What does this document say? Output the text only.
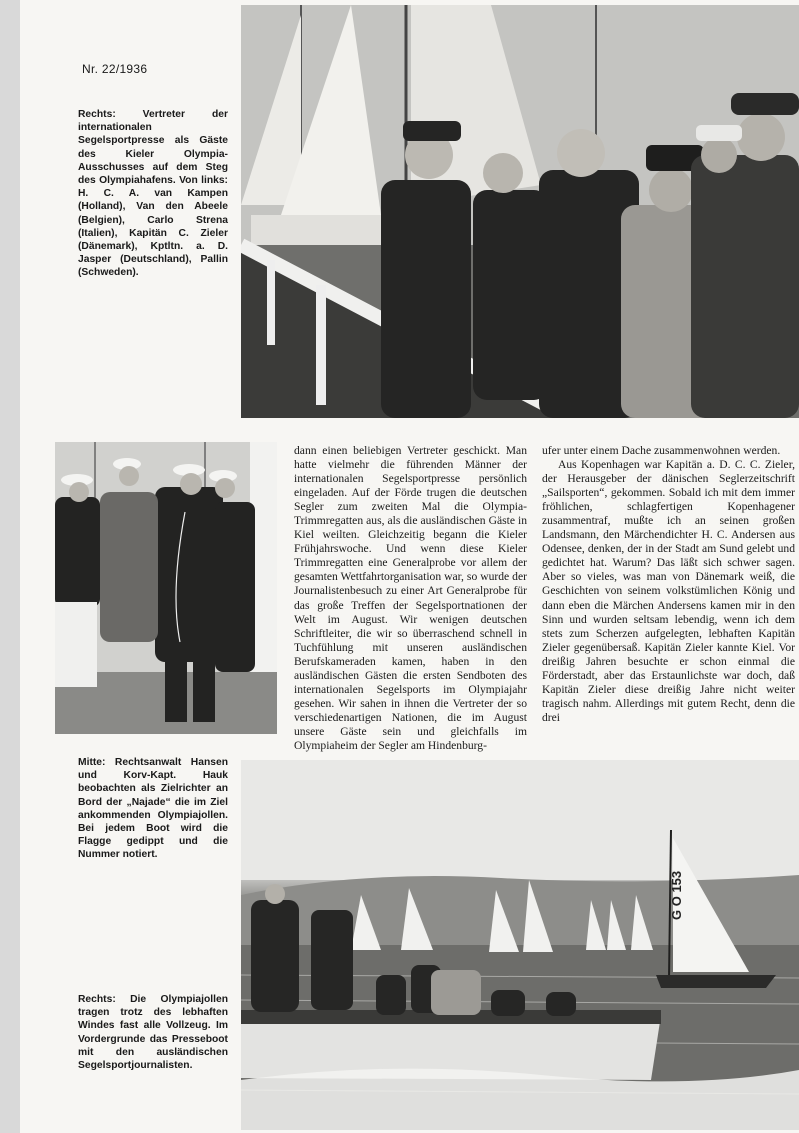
Nr. 22/1936
Rechts: Vertreter der internationalen Segelsportpresse als Gäste des Kieler Olympia-Ausschusses auf dem Steg des Olympiahafens. Von links: H. C. A. van Kampen (Holland), Van den Abeele (Belgien), Carlo Strena (Italien), Kapitän C. Zieler (Dänemark), Kptltn. a. D. Jasper (Deutschland), Pallin (Schweden).

dann einen beliebigen Vertreter geschickt. Man hatte vielmehr die führenden Männer der internationalen Segelsportpresse persönlich eingeladen. Auf der Förde trugen die deutschen Segler zum zweiten Mal die Olympia-Trimmregatten aus, als die ausländischen Gäste in Kiel weilten. Gleichzeitig begann die Kieler Frühjahrswoche. Und wenn diese Kieler Trimmregatten eine Generalprobe vor allem der gesamten Wettfahrtorganisation war, so wurde der Journalistenbesuch zu einer Art Generalprobe für das große Treffen der Segelsportnationen der Welt im August. Wir wenigen deutschen Schriftleiter, die wir so überraschend schnell in Tuchfühlung mit unseren ausländischen Berufskameraden kamen, haben in den ausländischen Gästen die ersten Sendboten des internationalen Segelsports im Olympiajahr gesehen. Wir sahen in ihnen die Vertreter der so verschiedenartigen Nationen, die im August unsere Gäste sein und gleichfalls im Olympiaheim der Segler am Hindenburg-

ufer unter einem Dache zusammenwohnen werden.

Aus Kopenhagen war Kapitän a. D. C. C. Zieler, der Herausgeber der dänischen Seglerzeitschrift „Sailsporten“, gekommen. Sobald ich mit dem immer fröhlichen, schlagfertigen Kopenhagener zusammentraf, mußte ich an seinen großen Landsmann, den Märchendichter H. C. Andersen aus Odensee, denken, der in der Stadt am Sund gelebt und gedichtet hat. Warum? Das läßt sich schwer sagen. Aber so vieles, was man von Dänemark weiß, die Geschichten von seinem volkstümlichen König und dann eben die Märchen Andersens kamen mir in den Sinn und wurden seltsam lebendig, wenn ich dem stets zum Scherzen aufgelegten, lebhaften Kapitän Zieler gegenübersaß. Kapitän Zieler kannte Kiel. Vor dreißig Jahren besuchte er schon einmal die Förderstadt, aber das Erstaunlichste war doch, daß Kapitän Zieler diese dreißig Jahre nicht weiter tragisch nahm. Allerdings mit gutem Recht, denn die drei

Mitte: Rechtsanwalt Hansen und Korv-Kapt. Hauk beobachten als Zielrichter an Bord der „Najade“ die im Ziel ankommenden Olympiajollen. Bei jedem Boot wird die Flagge gedippt und die Nummer notiert.
G O 153
Rechts: Die Olympiajollen tragen trotz des lebhaften Windes fast alle Vollzeug. Im Vordergrunde das Presseboot mit den ausländischen Segelsportjournalisten.
